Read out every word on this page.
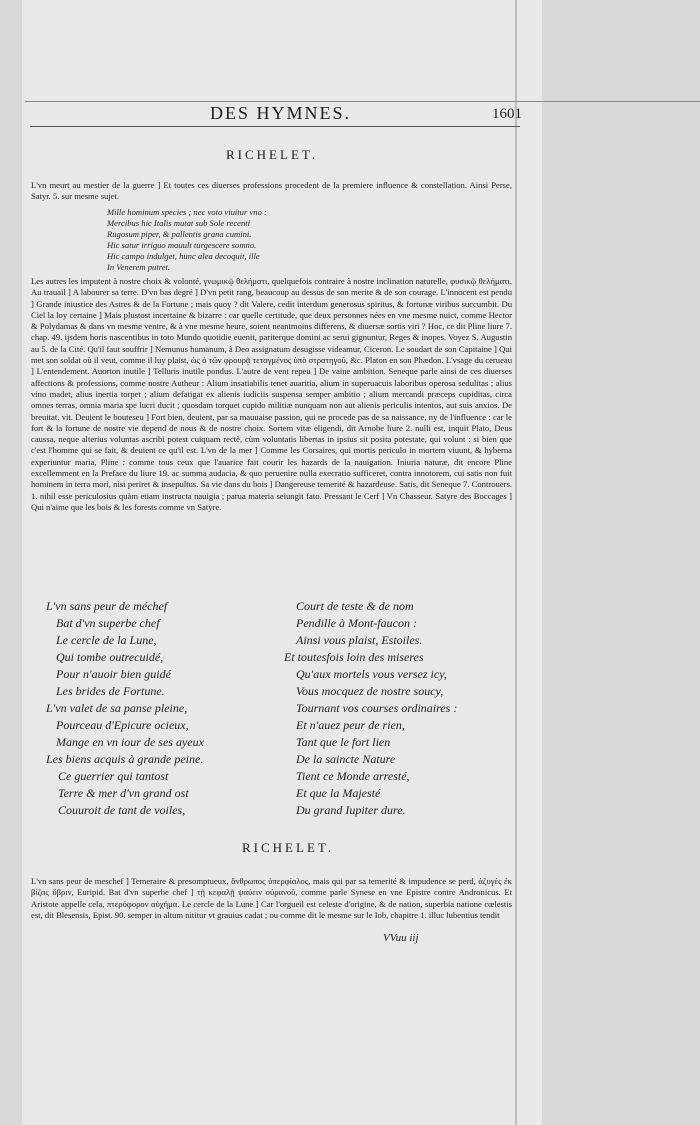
DES HYMNES.	1601
RICHELET.

L'vn meurt au mestier de la guerre ] Et toutes ces diuerses professions procedent de la premiere influence & constellation. Ainsi Perse, Satyr. 5. sur mesme sujet.

Mille hominum species ; nec voto viuitur vno :
Mercibus hic Italis mutat sub Sole recenti
Rugosum piper, & pallentis grana cumini.
Hic satur irriguo mauult turgescere somno.
Hic campo indulget, hunc alea decoquit, ille
In Venerem putret.

Les autres les imputent à nostre choix & volonté, γνωμικῷ θελήματι, quelquefois contraire à nostre inclination naturelle, φυσικῷ θελήματι. Au trauail ] A labourer sa terre. D'vn bas degré ] D'vn petit rang, beaucoup au dessus de son merite & de son courage. L'innocent est pendu ] Grande iniustice des Astres & de la Fortune ; mais quoy ? dit Valere, cedit interdum generosus spiritus, & fortunæ viribus succumbit. Du Ciel la loy certaine ] Mais plustost incertaine & bizarre : car quelle certitude, que deux personnes nées en vne mesme nuict, comme Hector & Polydamas & dans vn mesme ventre, & à vne mesme heure, soient neantmoins differens, & diuersæ sortis viri ? Hoc, ce dit Pline liure 7. chap. 49. ijsdem horis nascentibus in toto Mundo quotidie euenit, pariterque domini ac serui gignuntur, Reges & inopes. Voyez S. Augustin au 5. de la Cité. Qu'il faut souffrir ] Nemunus humanum, à Deo assignatum desugisse videamur, Ciceron. Le soudart de son Capitaine ] Qui met son soldat où il veut, comme il luy plaist, ὡς ὁ τῶν φρουρᾷ τεταγμένος ὑπὸ στρατηγοῦ, &c. Platon en son Phædon. L'vsage du cerueau ] L'entendement. Auorton inutile ] Telluris inutile pondus. L'autre de vent repeu ] De vaine ambition. Seneque parle ainsi de ces diuerses affections & professions, comme nostre Autheur : Alium insatiabilis tenet auaritia, alium in superuacuis laboribus operosa sedulitas ; alius vino madet, alius inertia torpet ; alium defatigat ex alienis iudiciis suspensa semper ambitio ; alium mercandi præceps cupiditas, circa omnes terras, omnia maria spe lucri ducit ; quosdam torquet cupido militiæ nunquam non aut alienis periculis intentos, aut suis anxios. De breuitat. vit. Deuient le bouteseu ] Fort bien, deuient, par sa mauuaise passion, qui ne procede pas de sa naissance, ny de l'influence : car le fort & la fortune de nostre vie depend de nous & de nostre choix. Sortem vitæ eligendi, dit Arnobe liure 2. nulli est, inquit Plato, Deus caussa, neque alterius voluntas ascribi potest cuiquam rectè, cùm voluntatis libertas in ipsius sit posita potestate, qui volunt : si bien que c'est l'homme qui se fait, & deuient ce qu'il est. L'vn de la mer ] Comme les Corsaires, qui mortis periculo in mortem viuunt, & hyberna experiuntur maria, Pline : comme tous ceux que l'auarice fait courir les hazards de la nauigation. Iniuria naturæ, dit encore Pline excellemment en la Preface du liure 19. ac summa audacia, & quo peruenire nulla execratio sufficeret, contra innotorem, cui satis non fuit hominem in terra mori, nisi periret & insepultus. Sa vie dans du bois ] Dangereuse temerité & hazardeuse. Satis, dit Seneque 7. Controuers. 1. nihil esse periculosius quàm etiam instructa nauigia ; parua materia seiungit fato. Pressant le Cerf ] Vn Chasseur. Satyre des Boccages ] Qui n'aime que les bois & les forests comme vn Satyre.

L'vn sans peur de méchef
Bat d'vn superbe chef
Le cercle de la Lune,
Qui tombe outrecuidé,
Pour n'auoir bien guidé
Les brides de Fortune.
L'vn valet de sa panse pleine,
Pourceau d'Epicure ocieux,
Mange en vn iour de ses ayeux
Les biens acquis à grande peine.
Ce guerrier qui tantost
Terre & mer d'vn grand ost
Couuroit de tant de voiles,
Court de teste & de nom
Pendille à Mont-faucon :
Ainsi vous plaist, Estoiles.
Et toutesfois loin des miseres
Qu'aux mortels vous versez icy,
Vous mocquez de nostre soucy,
Tournant vos courses ordinaires :
Et n'auez peur de rien,
Tant que le fort lien
De la saincte Nature
Tient ce Monde arresté,
Et que la Majesté
Du grand Iupiter dure.
RICHELET.

L'vn sans peur de meschef ] Temeraire & presomptueux, ἄνθρωπος ὑπερφίαλος, mais qui par sa temerité & impudence se perd, ἀζυγὲς ἐκ βίζας ὕβριν, Euripid. Bat d'vn superbe chef ] τῇ κεφαλῇ ψαύειν οὐρανοῦ, comme parle Synese en vne Epistre contre Andronicus. Et Aristote appelle cela, πτερόφορον αὐχήμα. Le cercle de la Lune ] Car l'orgueil est celeste d'origine, & de nation, superbia natione cœlestis est, dit Blesensis, Epist. 90. semper in altum nititur vt grauius cadat ; ou comme dit le mesme sur le Iob, chapitre 1. illuc lubentius tendit

VVuu iij
